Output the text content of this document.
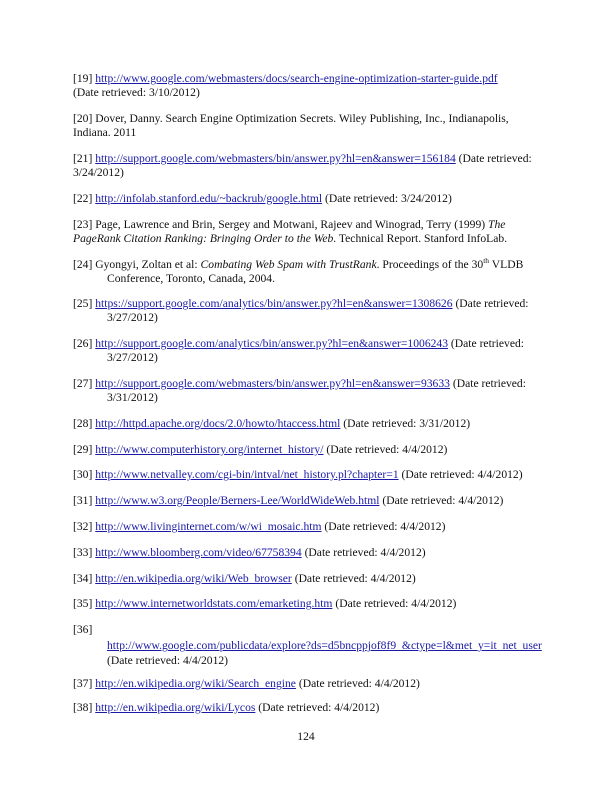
[19] http://www.google.com/webmasters/docs/search-engine-optimization-starter-guide.pdf
(Date retrieved: 3/10/2012)
[20] Dover, Danny. Search Engine Optimization Secrets. Wiley Publishing, Inc., Indianapolis, Indiana. 2011
[21] http://support.google.com/webmasters/bin/answer.py?hl=en&answer=156184 (Date retrieved: 3/24/2012)
[22] http://infolab.stanford.edu/~backrub/google.html (Date retrieved: 3/24/2012)
[23] Page, Lawrence and Brin, Sergey and Motwani, Rajeev and Winograd, Terry (1999) The PageRank Citation Ranking: Bringing Order to the Web. Technical Report. Stanford InfoLab.
[24] Gyongyi, Zoltan et al: Combating Web Spam with TrustRank. Proceedings of the 30th VLDB Conference, Toronto, Canada, 2004.
[25] https://support.google.com/analytics/bin/answer.py?hl=en&answer=1308626 (Date retrieved: 3/27/2012)
[26] http://support.google.com/analytics/bin/answer.py?hl=en&answer=1006243 (Date retrieved: 3/27/2012)
[27] http://support.google.com/webmasters/bin/answer.py?hl=en&answer=93633 (Date retrieved: 3/31/2012)
[28] http://httpd.apache.org/docs/2.0/howto/htaccess.html (Date retrieved: 3/31/2012)
[29] http://www.computerhistory.org/internet_history/ (Date retrieved: 4/4/2012)
[30] http://www.netvalley.com/cgi-bin/intval/net_history.pl?chapter=1 (Date retrieved: 4/4/2012)
[31] http://www.w3.org/People/Berners-Lee/WorldWideWeb.html (Date retrieved: 4/4/2012)
[32] http://www.livinginternet.com/w/wi_mosaic.htm (Date retrieved: 4/4/2012)
[33] http://www.bloomberg.com/video/67758394 (Date retrieved: 4/4/2012)
[34] http://en.wikipedia.org/wiki/Web_browser (Date retrieved: 4/4/2012)
[35] http://www.internetworldstats.com/emarketing.htm (Date retrieved: 4/4/2012)
[36]
http://www.google.com/publicdata/explore?ds=d5bncppjof8f9_&ctype=l&met_y=it_net_user (Date retrieved: 4/4/2012)
[37] http://en.wikipedia.org/wiki/Search_engine (Date retrieved: 4/4/2012)
[38] http://en.wikipedia.org/wiki/Lycos (Date retrieved: 4/4/2012)
124
